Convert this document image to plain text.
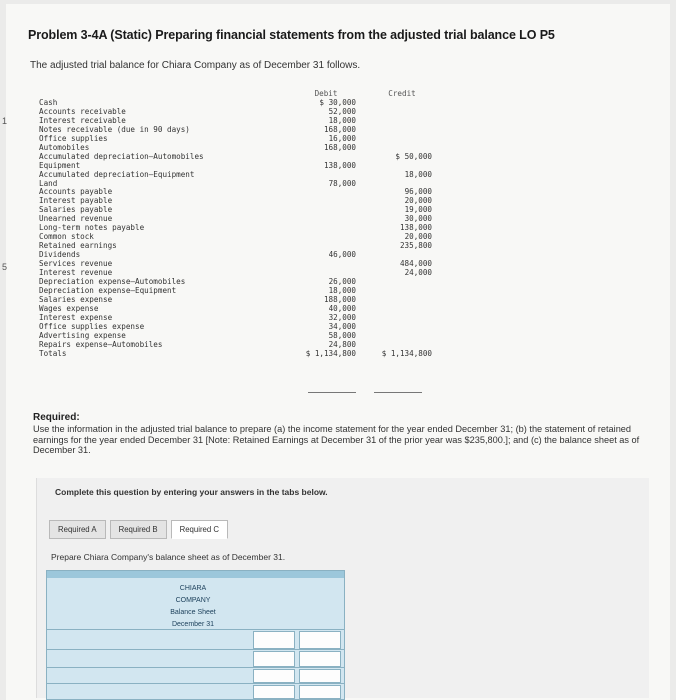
Problem 3-4A (Static) Preparing financial statements from the adjusted trial balance LO P5
The adjusted trial balance for Chiara Company as of December 31 follows.
1
5

Cash
Accounts receivable
Interest receivable
Notes receivable (due in 90 days)
Office supplies
Automobiles
Accumulated depreciation—Automobiles
Equipment
Accumulated depreciation—Equipment
Land
Accounts payable
Interest payable
Salaries payable
Unearned revenue
Long-term notes payable
Common stock
Retained earnings
Dividends
Services revenue
Interest revenue
Depreciation expense—Automobiles
Depreciation expense—Equipment
Salaries expense
Wages expense
Interest expense
Office supplies expense
Advertising expense
Repairs expense—Automobiles
Totals
Debit
$ 30,000
52,000
18,000
168,000
16,000
168,000

138,000

78,000

46,000

26,000
18,000
188,000
40,000
32,000
34,000
58,000
24,800
$ 1,134,800
Credit

$ 50,000

18,000

96,000
20,000
19,000
30,000
138,000
20,000
235,800

484,000
24,000

$ 1,134,800
Required:
Use the information in the adjusted trial balance to prepare (a) the income statement for the year ended December 31; (b) the statement of retained earnings for the year ended December 31 [Note: Retained Earnings at December 31 of the prior year was $235,800.]; and (c) the balance sheet as of December 31.
Complete this question by entering your answers in the tabs below.
Required A	Required B	Required C
Prepare Chiara Company's balance sheet as of December 31.
CHIARA COMPANY
Balance Sheet
December 31
